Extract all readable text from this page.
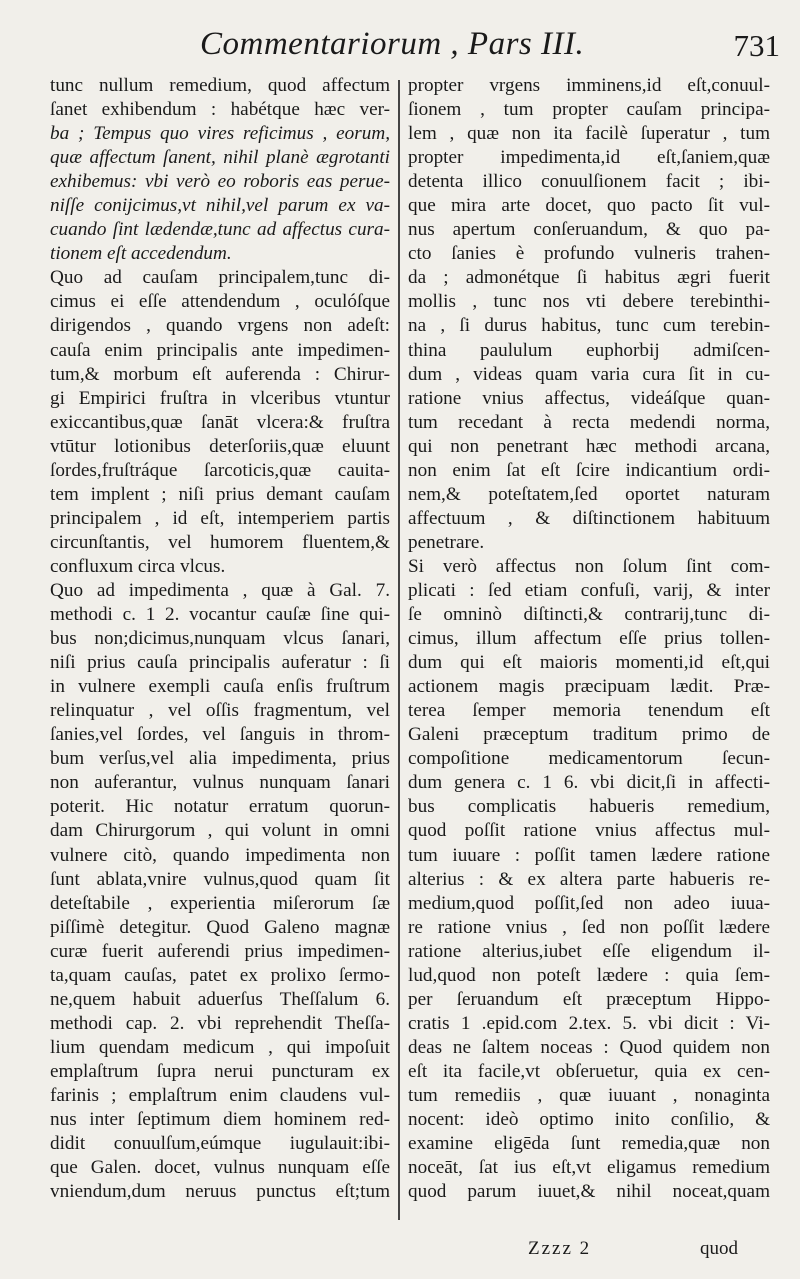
Commentariorum , Pars III.	731
tunc nullum remedium, quod affectum
ſanet exhibendum : habétque hæc ver-
ba ; Tempus quo vires reficimus , eorum,
quæ affectum ſanent, nihil planè ægrotanti
exhibemus: vbi verò eo roboris eas perue-
niſſe conijcimus,vt nihil,vel parum ex va-
cuando ſint lædendæ,tunc ad affectus cura-
tionem eſt accedendum.
Quo ad cauſam principalem,tunc di-
cimus ei eſſe attendendum , oculóſque
dirigendos , quando vrgens non adeſt:
cauſa enim principalis ante impedimen-
tum,& morbum eſt auferenda : Chirur-
gi Empirici fruſtra in vlceribus vtuntur
exiccantibus,quæ ſanāt vlcera:& fruſtra
vtūtur lotionibus deterſoriis,quæ eluunt
ſordes,fruſtráque ſarcoticis,quæ cauita-
tem implent ; niſi prius demant cauſam
principalem , id eſt, intemperiem partis
circunſtantis, vel humorem fluentem,&
confluxum circa vlcus.
Quo ad impedimenta , quæ à Gal. 7.
methodi c. 1 2. vocantur cauſæ ſine qui-
bus non;dicimus,nunquam vlcus ſanari,
niſi prius cauſa principalis auferatur : ſi
in vulnere exempli cauſa enſis fruſtrum
relinquatur , vel oſſis fragmentum, vel
ſanies,vel ſordes, vel ſanguis in throm-
bum verſus,vel alia impedimenta, prius
non auferantur, vulnus nunquam ſanari
poterit. Hic notatur erratum quorun-
dam Chirurgorum , qui volunt in omni
vulnere citò, quando impedimenta non
ſunt ablata,vnire vulnus,quod quam ſit
deteſtabile , experientia miſerorum ſæ
piſſimè detegitur. Quod Galeno magnæ
curæ fuerit auferendi prius impedimen-
ta,quam cauſas, patet ex prolixo ſermo-
ne,quem habuit aduerſus Theſſalum 6.
methodi cap. 2. vbi reprehendit Theſſa-
lium quendam medicum , qui impoſuit
emplaſtrum ſupra nerui puncturam ex
farinis ; emplaſtrum enim claudens vul-
nus inter ſeptimum diem hominem red-
didit conuulſum,eúmque iugulauit:ibi-
que Galen. docet, vulnus nunquam eſſe
vniendum,dum neruus punctus eſt;tum
propter vrgens imminens,id eſt,conuul-
ſionem , tum propter cauſam principa-
lem , quæ non ita facilè ſuperatur , tum
propter impedimenta,id eſt,ſaniem,quæ
detenta illico conuulſionem facit ; ibi-
que mira arte docet, quo pacto ſit vul-
nus apertum conſeruandum, & quo pa-
cto ſanies è profundo vulneris trahen-
da ; admonétque ſi habitus ægri fuerit
mollis , tunc nos vti debere terebinthi-
na , ſi durus habitus, tunc cum terebin-
thina paululum euphorbij admiſcen-
dum , videas quam varia cura ſit in cu-
ratione vnius affectus, videáſque quan-
tum recedant à recta medendi norma,
qui non penetrant hæc methodi arcana,
non enim ſat eſt ſcire indicantium ordi-
nem,& poteſtatem,ſed oportet naturam
affectuum , & diſtinctionem habituum
penetrare.
Si verò affectus non ſolum ſint com-
plicati : ſed etiam confuſi, varij, & inter
ſe omninò diſtincti,& contrarij,tunc di-
cimus, illum affectum eſſe prius tollen-
dum qui eſt maioris momenti,id eſt,qui
actionem magis præcipuam lædit. Præ-
terea ſemper memoria tenendum eſt
Galeni præceptum traditum primo de
compoſitione medicamentorum ſecun-
dum genera c. 1 6. vbi dicit,ſi in affecti-
bus complicatis habueris remedium,
quod poſſit ratione vnius affectus mul-
tum iuuare : poſſit tamen lædere ratione
alterius : & ex altera parte habueris re-
medium,quod poſſit,ſed non adeo iuua-
re ratione vnius , ſed non poſſit lædere
ratione alterius,iubet eſſe eligendum il-
lud,quod non poteſt lædere : quia ſem-
per ſeruandum eſt præceptum Hippo-
cratis 1 .epid.com 2.tex. 5. vbi dicit : Vi-
deas ne ſaltem noceas : Quod quidem non
eſt ita facile,vt obſeruetur, quia ex cen-
tum remediis , quæ iuuant , nonaginta
nocent: ideò optimo inito conſilio, &
examine eligēda ſunt remedia,quæ non
noceāt, ſat ius eſt,vt eligamus remedium
quod parum iuuet,& nihil noceat,quam
Zzzz 2	quod
